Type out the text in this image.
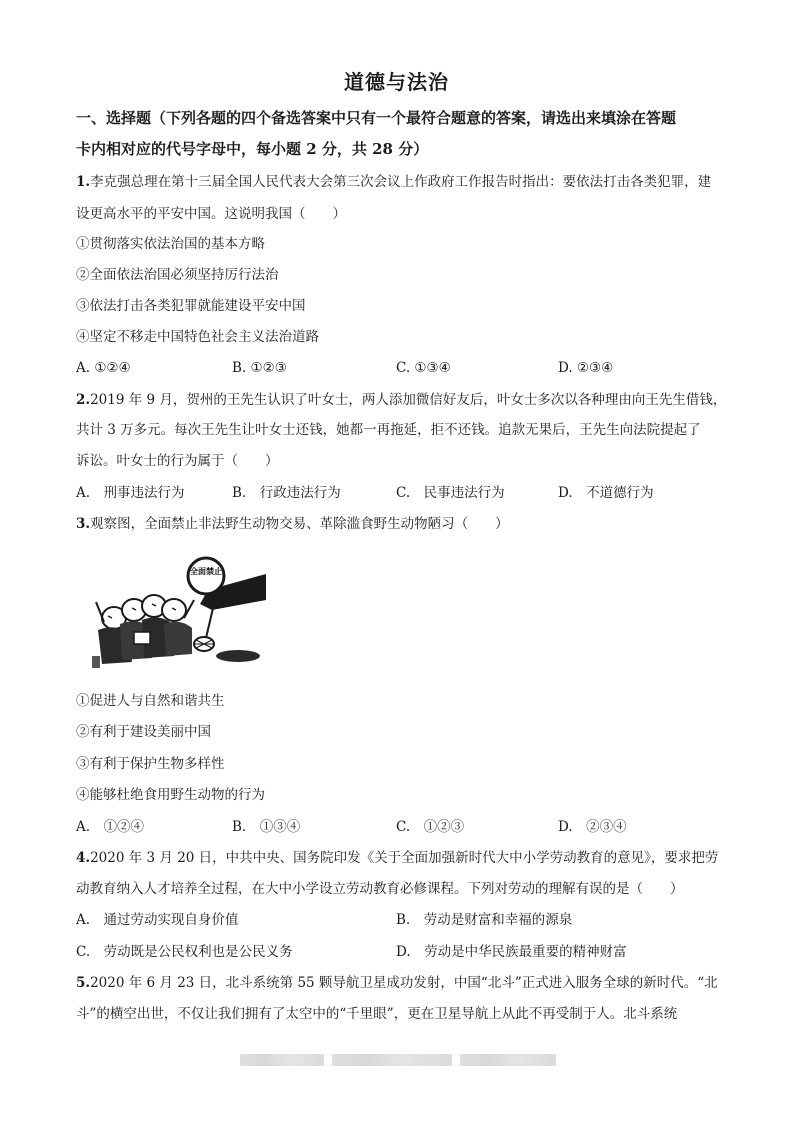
道德与法治
一、选择题（下列各题的四个备选答案中只有一个最符合题意的答案，请选出来填涂在答题
卡内相对应的代号字母中，每小题 2 分，共 28 分）
1.李克强总理在第十三届全国人民代表大会第三次会议上作政府工作报告时指出：要依法打击各类犯罪，建
设更高水平的平安中国。这说明我国（　　）
①贯彻落实依法治国的基本方略
②全面依法治国必须坚持厉行法治
③依法打击各类犯罪就能建设平安中国
④坚定不移走中国特色社会主义法治道路
A. ①②④	B. ①②③	C. ①③④	D. ②③④
2.2019 年 9 月，贺州的王先生认识了叶女士，两人添加微信好友后，叶女士多次以各种理由向王先生借钱，
共计 3 万多元。每次王先生让叶女士还钱，她都一再拖延，拒不还钱。追款无果后，王先生向法院提起了
诉讼。叶女士的行为属于（　　）
A.　刑事违法行为	B.　行政违法行为	C.　民事违法行为	D.　不道德行为
3.观察图，全面禁止非法野生动物交易、革除滥食野生动物陋习（　　）
全面禁止
①促进人与自然和谐共生
②有利于建设美丽中国
③有利于保护生物多样性
④能够杜绝食用野生动物的行为
A.　①②④	B.　①③④	C.　①②③	D.　②③④
4.2020 年 3 月 20 日，中共中央、国务院印发《关于全面加强新时代大中小学劳动教育的意见》，要求把劳
动教育纳入人才培养全过程，在大中小学设立劳动教育必修课程。下列对劳动的理解有误的是（　　）
A.　通过劳动实现自身价值	B.　劳动是财富和幸福的源泉
C.　劳动既是公民权利也是公民义务	D.　劳动是中华民族最重要的精神财富
5.2020 年 6 月 23 日，北斗系统第 55 颗导航卫星成功发射，中国“北斗”正式进入服务全球的新时代。“北
斗”的横空出世，不仅让我们拥有了太空中的“千里眼”，更在卫星导航上从此不再受制于人。北斗系统
